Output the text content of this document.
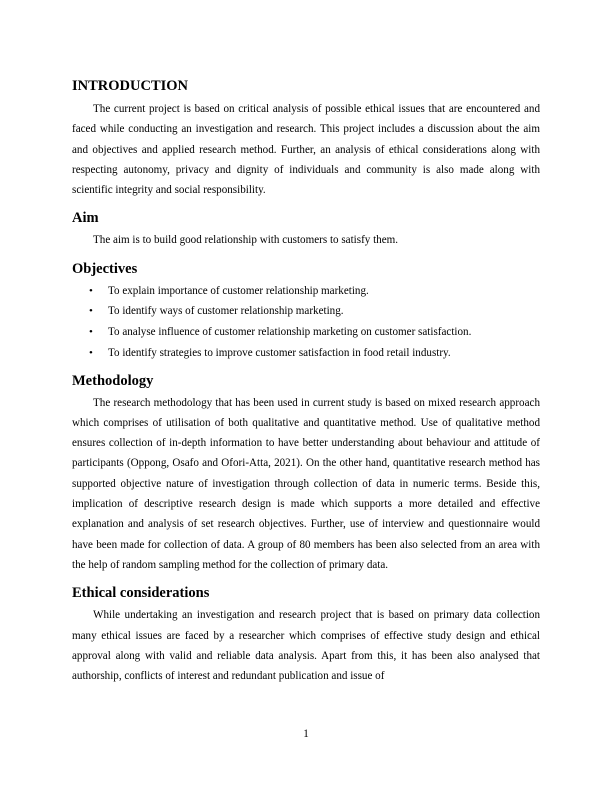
INTRODUCTION

The current project is based on critical analysis of possible ethical issues that are encountered and faced while conducting an investigation and research. This project includes a discussion about the aim and objectives and applied research method. Further, an analysis of ethical considerations along with respecting autonomy, privacy and dignity of individuals and community is also made along with scientific integrity and social responsibility.

Aim

The aim is to build good relationship with customers to satisfy them.

Objectives
• To explain importance of customer relationship marketing.
• To identify ways of customer relationship marketing.
• To analyse influence of customer relationship marketing on customer satisfaction.
• To identify strategies to improve customer satisfaction in food retail industry.
Methodology

The research methodology that has been used in current study is based on mixed research approach which comprises of utilisation of both qualitative and quantitative method. Use of qualitative method ensures collection of in-depth information to have better understanding about behaviour and attitude of participants (Oppong, Osafo and Ofori-Atta, 2021). On the other hand, quantitative research method has supported objective nature of investigation through collection of data in numeric terms. Beside this, implication of descriptive research design is made which supports a more detailed and effective explanation and analysis of set research objectives. Further, use of interview and questionnaire would have been made for collection of data. A group of 80 members has been also selected from an area with the help of random sampling method for the collection of primary data.

Ethical considerations

While undertaking an investigation and research project that is based on primary data collection many ethical issues are faced by a researcher which comprises of effective study design and ethical approval along with valid and reliable data analysis. Apart from this, it has been also analysed that authorship, conflicts of interest and redundant publication and issue of

1
